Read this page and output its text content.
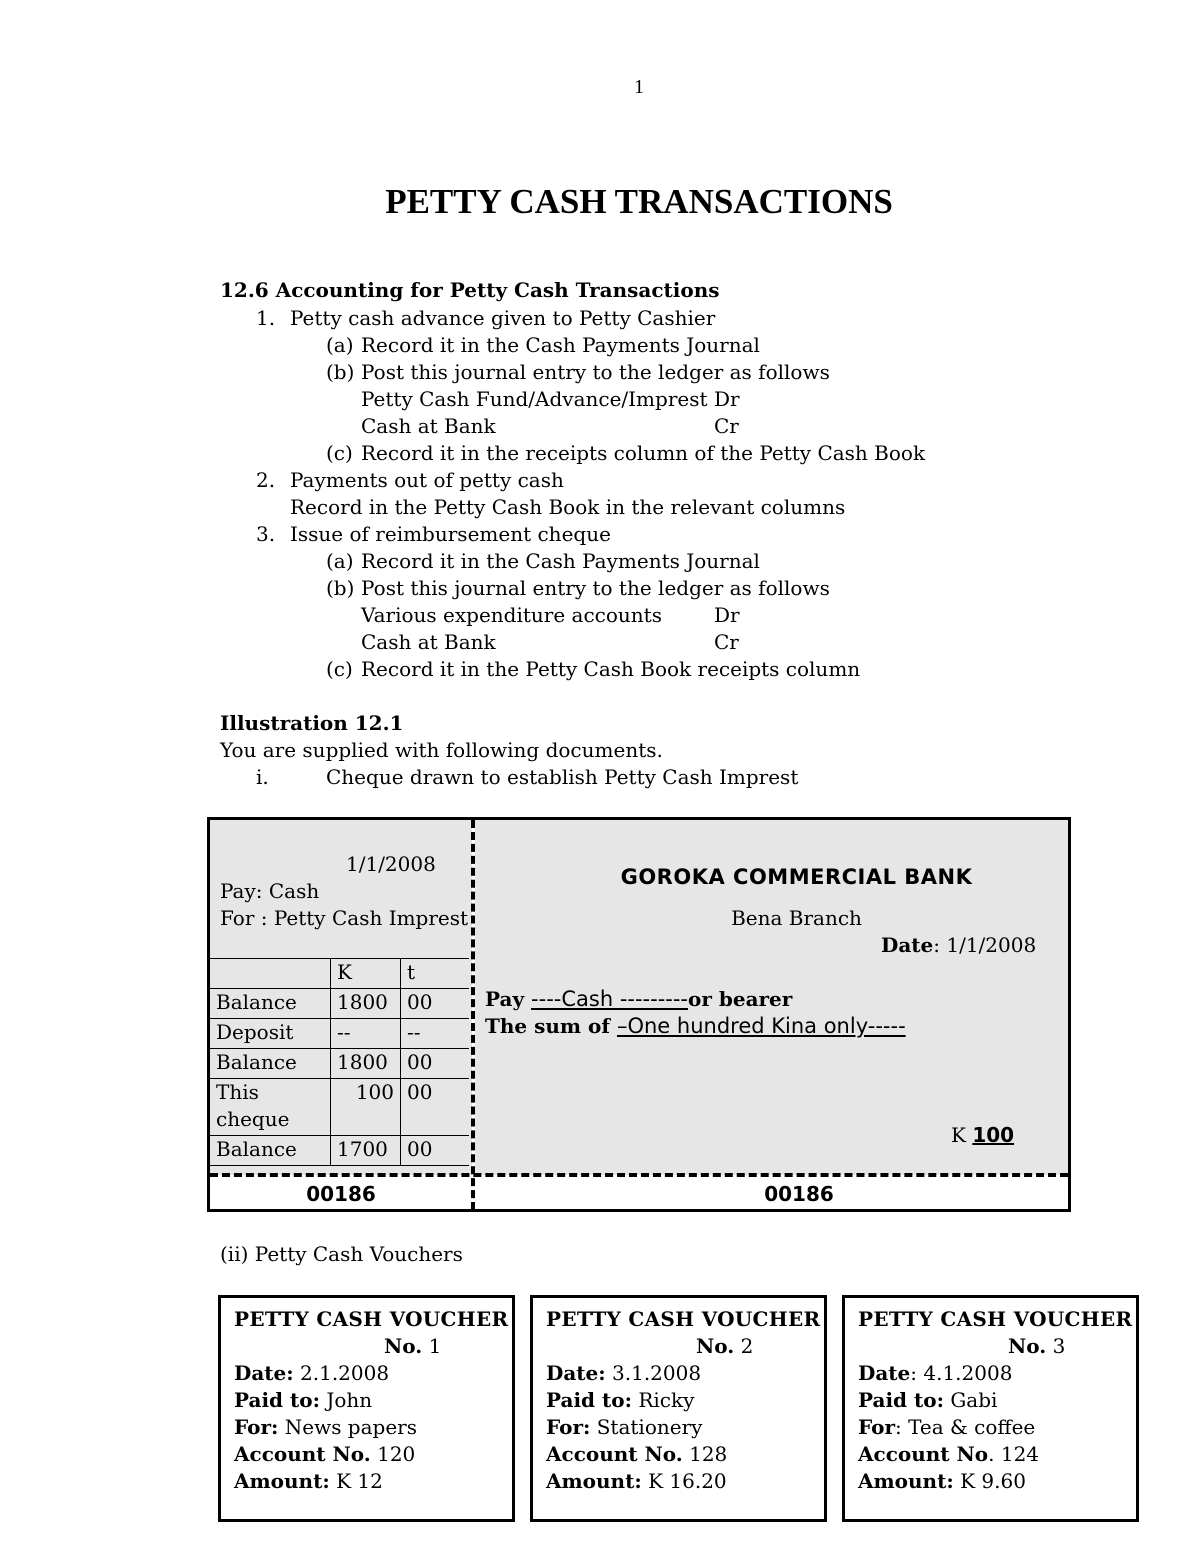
1
PETTY CASH TRANSACTIONS
12.6 Accounting for Petty Cash Transactions
1. Petty cash advance given to Petty Cashier
(a) Record it in the Cash Payments Journal
(b) Post this journal entry to the ledger as follows
Petty Cash Fund/Advance/Imprest Dr
Cash at Bank	Cr
(c) Record it in the receipts column of the Petty Cash Book
2. Payments out of petty cash
Record in the Petty Cash Book in the relevant columns
3. Issue of reimbursement cheque
(a) Record it in the Cash Payments Journal
(b) Post this journal entry to the ledger as follows
Various expenditure accounts	Dr
Cash at Bank	Cr
(c) Record it in the Petty Cash Book receipts column
Illustration 12.1
You are supplied with following documents.
i.	Cheque drawn to establish Petty Cash Imprest
1/1/2008
Pay: Cash
For : Petty Cash Imprest
	K	t
Balance	1800	00
Deposit	--	--
Balance	1800	00
This cheque	100	00
Balance	1700	00
GOROKA COMMERCIAL BANK
Bena Branch
Date: 1/1/2008
Pay ----Cash ---------or bearer
The sum of –One hundred Kina only-----
K 100
00186	00186
(ii) Petty Cash Vouchers
PETTY CASH VOUCHER
No. 1
Date: 2.1.2008
Paid to: John
For: News papers
Account No. 120
Amount: K 12
PETTY CASH VOUCHER
No. 2
Date: 3.1.2008
Paid to: Ricky
For: Stationery
Account No. 128
Amount: K 16.20
PETTY CASH VOUCHER
No. 3
Date: 4.1.2008
Paid to: Gabi
For: Tea & coffee
Account No. 124
Amount: K 9.60
